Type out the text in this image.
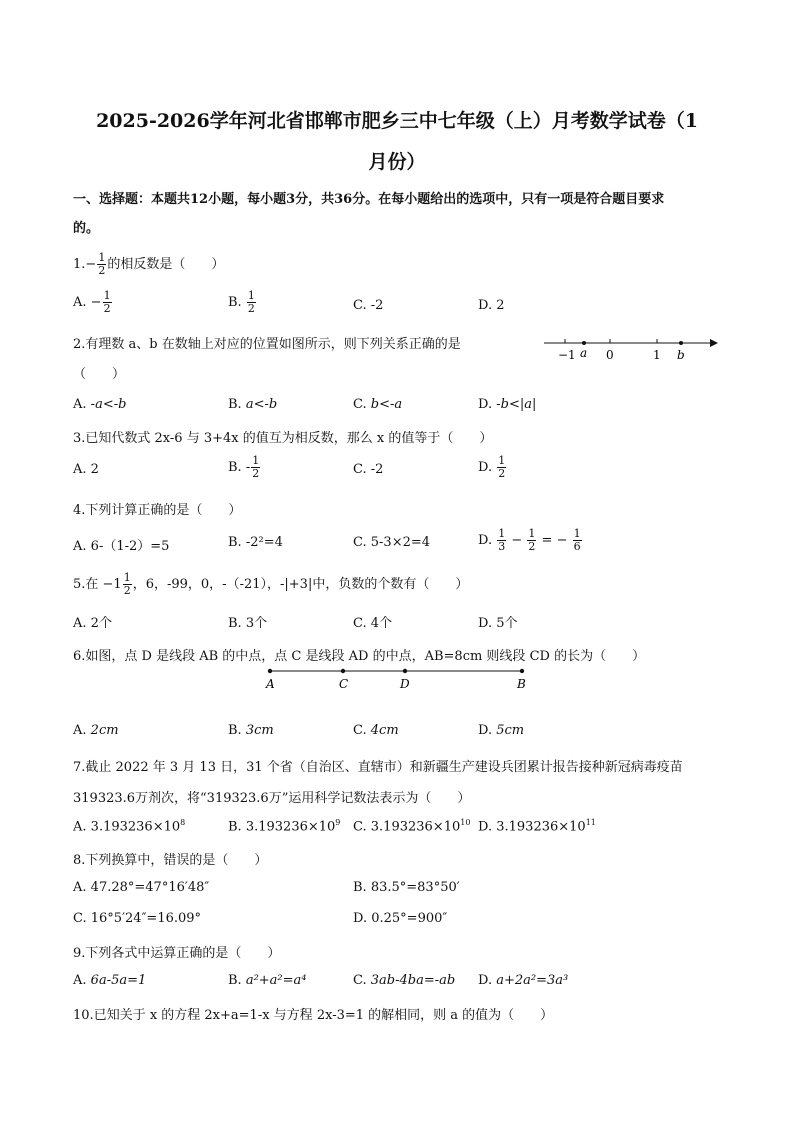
2025-2026学年河北省邯郸市肥乡三中七年级（上）月考数学试卷（1
月份）
一、选择题：本题共12小题，每小题3分，共36分。在每小题给出的选项中，只有一项是符合题目要求
的。
$1.- \frac{1}{2}$ 的相反数是（　　）
A. − $\frac{1}{2}$	B. $\frac{1}{2}$	C. -2	D. 2
2.有理数 a、b 在数轴上对应的位置如图所示，则下列关系正确的是
（　　）
−1 a 0	1 b
A. -a<-b	B. a<-b	C. b<-a	D. -b<|a|
3.已知代数式 2x-6 与 3+4x 的值互为相反数，那么 x 的值等于（　　）
A. 2	B. - $\frac{1}{2}$	C. -2	D. $\frac{1}{2}$
4.下列计算正确的是（　　）
A. 6-（1-2）=5	B. -2²=4	C. 5-3×2=4	D. $\frac{1}{3} - \frac{1}{2}$ = − $\frac{1}{6}$
5.在 $-1 \frac{1}{2}$ ，6，-99，0，-（-21），-|+3|中，负数的个数有（　　）
A. 2个	B. 3个	C. 4个	D. 5个
6.如图，点 D 是线段 AB 的中点，点 C 是线段 AD 的中点，AB=8cm 则线段 CD 的长为（　　）
A	C	D	B
A. 2cm	B. 3cm	C. 4cm	D. 5cm
7.截止 2022 年 3 月 13 日，31 个省（自治区、直辖市）和新疆生产建设兵团累计报告接种新冠病毒疫苗
319323.6万剂次，将“319323.6万”运用科学记数法表示为（　　）
A. $3.193236\times 10^8$	B. $3.193236\times 10^9$ C. $3.193236\times 10^{10}$ D. $3.193236\times 10^{11}$
8.下列换算中，错误的是（　　）
A. 47.28°=47°16′48″	B. 83.5°=83°50′
C. 16°5′24″=16.09°	D. 0.25°=900″
9.下列各式中运算正确的是（　　）
A. 6a-5a=1	B. a²+a²=a⁴	C. 3ab-4ba=-ab D. a+2a²=3a³
10.已知关于 x 的方程 2x+a=1-x 与方程 2x-3=1 的解相同，则 a 的值为（　　）
